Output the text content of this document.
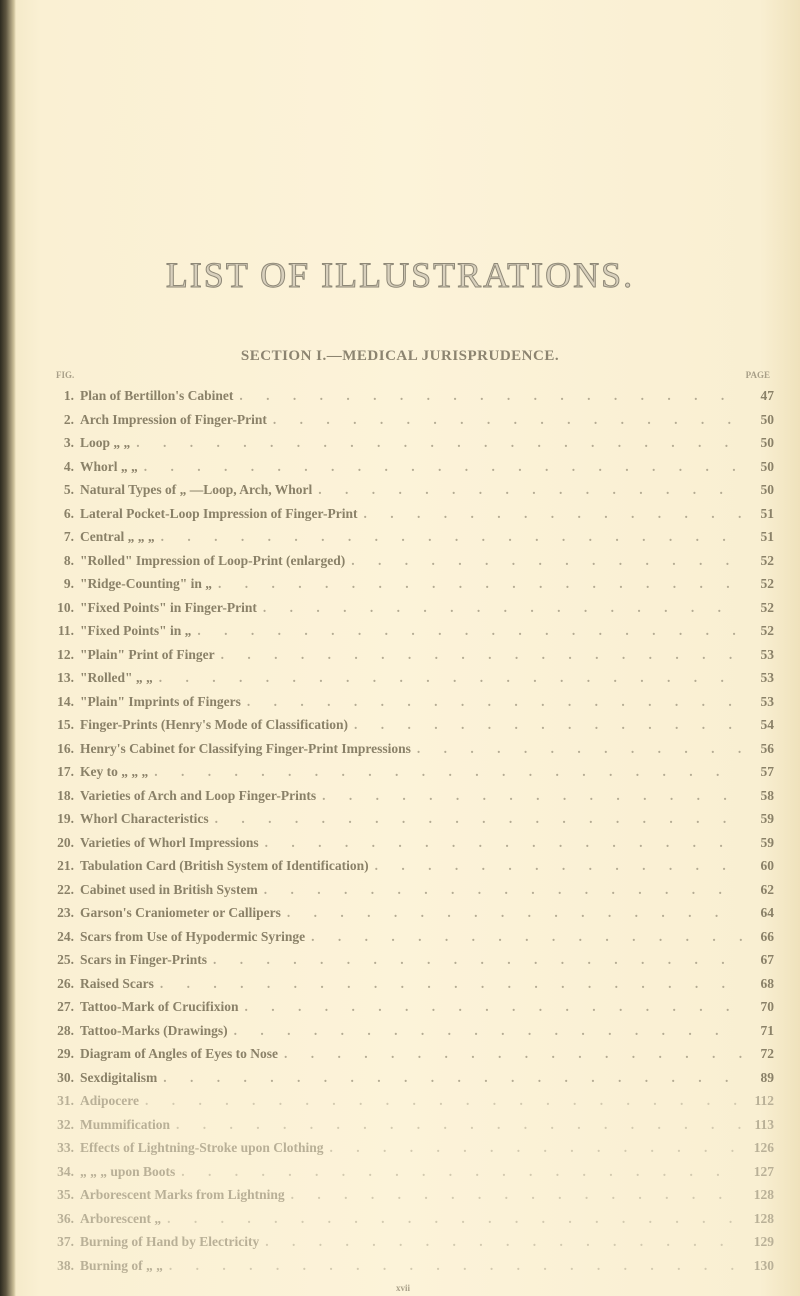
LIST OF ILLUSTRATIONS.
SECTION I.—MEDICAL JURISPRUDENCE.
FIG.	PAGE
1. Plan of Bertillon's Cabinet . . .	47
2. Arch Impression of Finger-Print . . .	50
3. Loop „ „ . . .	50
4. Whorl „ „ . . .	50
5. Natural Types of „ —Loop, Arch, Whorl . . .	50
6. Lateral Pocket-Loop Impression of Finger-Print . . .	51
7. Central „ „ „ . . .	51
8. "Rolled" Impression of Loop-Print (enlarged) . . .	52
9. "Ridge-Counting" in „ . . .	52
10. "Fixed Points" in Finger-Print . . .	52
11. "Fixed Points" in „ . . .	52
12. "Plain" Print of Finger . . .	53
13. "Rolled" „ „ . . .	53
14. "Plain" Imprints of Fingers . . .	53
15. Finger-Prints (Henry's Mode of Classification) . . .	54
16. Henry's Cabinet for Classifying Finger-Print Impressions . . .	56
17. Key to „ „ „ . . .	57
18. Varieties of Arch and Loop Finger-Prints . . .	58
19. Whorl Characteristics . . .	59
20. Varieties of Whorl Impressions . . .	59
21. Tabulation Card (British System of Identification) . . .	60
22. Cabinet used in British System . . .	62
23. Garson's Craniometer or Callipers . . .	64
24. Scars from Use of Hypodermic Syringe . . .	66
25. Scars in Finger-Prints . . .	67
26. Raised Scars . . .	68
27. Tattoo-Mark of Crucifixion . . .	70
28. Tattoo-Marks (Drawings) . . .	71
29. Diagram of Angles of Eyes to Nose . . .	72
30. Sexdigitalism . . .	89
31. Adipocere . . .	112
32. Mummification . . .	113
33. Effects of Lightning-Stroke upon Clothing . . .	126
34. „ „ „ upon Boots . . .	127
35. Arborescent Marks from Lightning . . .	128
36. Arborescent „ . . .	128
37. Burning of Hand by Electricity . . .	129
38. Burning of „ „ . . .	130
xvii
